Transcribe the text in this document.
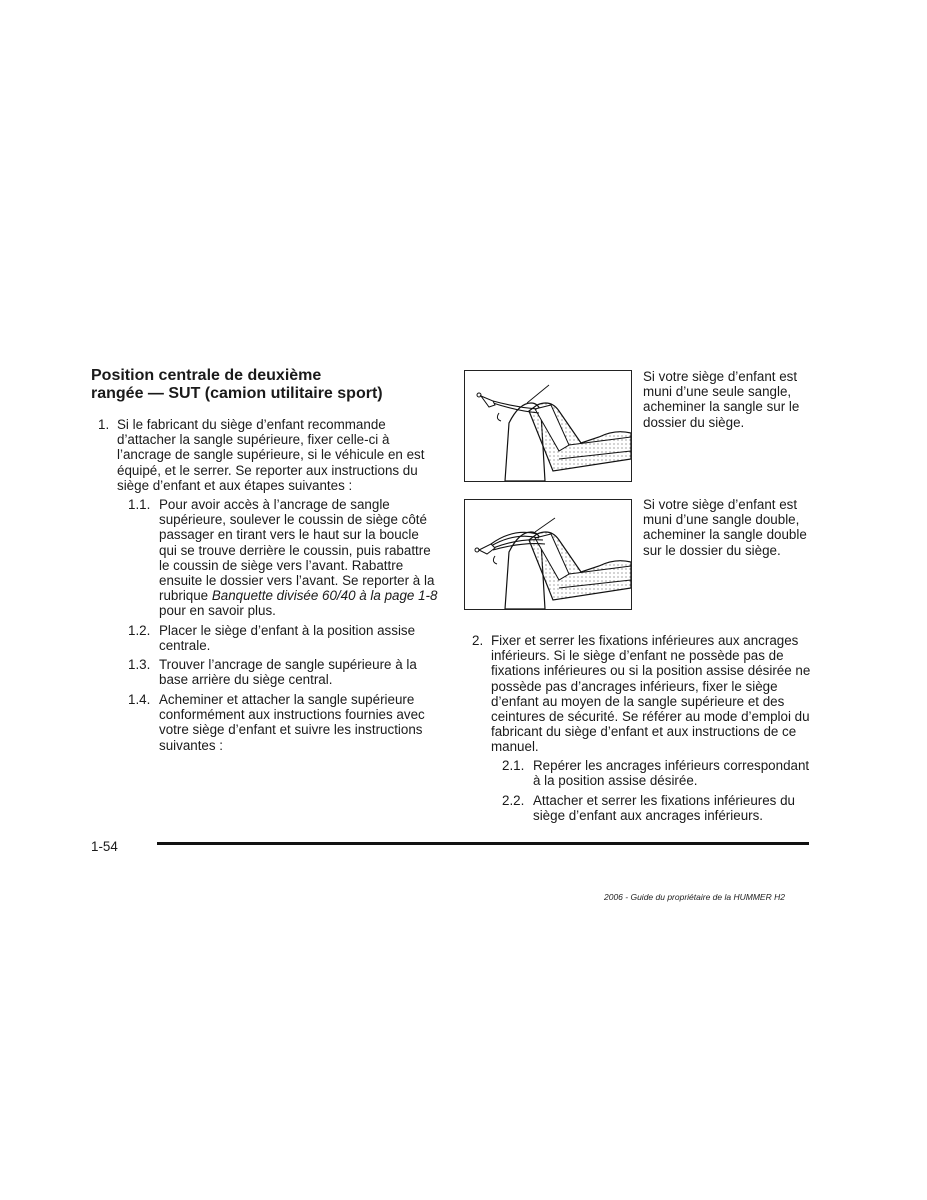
Position centrale de deuxième
rangée — SUT (camion utilitaire sport)
1. Si le fabricant du siège d’enfant recommande d’attacher la sangle supérieure, fixer celle-ci à l’ancrage de sangle supérieure, si le véhicule en est équipé, et le serrer. Se reporter aux instructions du siège d’enfant et aux étapes suivantes :
1.1. Pour avoir accès à l’ancrage de sangle supérieure, soulever le coussin de siège côté passager en tirant vers le haut sur la boucle qui se trouve derrière le coussin, puis rabattre le coussin de siège vers l’avant. Rabattre ensuite le dossier vers l’avant. Se reporter à la rubrique Banquette divisée 60/40 à la page 1-8 pour en savoir plus.
1.2. Placer le siège d’enfant à la position assise centrale.
1.3. Trouver l’ancrage de sangle supérieure à la base arrière du siège central.
1.4. Acheminer et attacher la sangle supérieure conformément aux instructions fournies avec votre siège d’enfant et suivre les instructions suivantes :
Si votre siège d’enfant est muni d’une seule sangle, acheminer la sangle sur le dossier du siège.
Si votre siège d’enfant est muni d’une sangle double, acheminer la sangle double sur le dossier du siège.
2. Fixer et serrer les fixations inférieures aux ancrages inférieurs. Si le siège d’enfant ne possède pas de fixations inférieures ou si la position assise désirée ne possède pas d’ancrages inférieurs, fixer le siège d’enfant au moyen de la sangle supérieure et des ceintures de sécurité. Se référer au mode d’emploi du fabricant du siège d’enfant et aux instructions de ce manuel.
2.1. Repérer les ancrages inférieurs correspondant à la position assise désirée.
2.2. Attacher et serrer les fixations inférieures du siège d’enfant aux ancrages inférieurs.
1-54
2006 - Guide du propriétaire de la HUMMER H2
